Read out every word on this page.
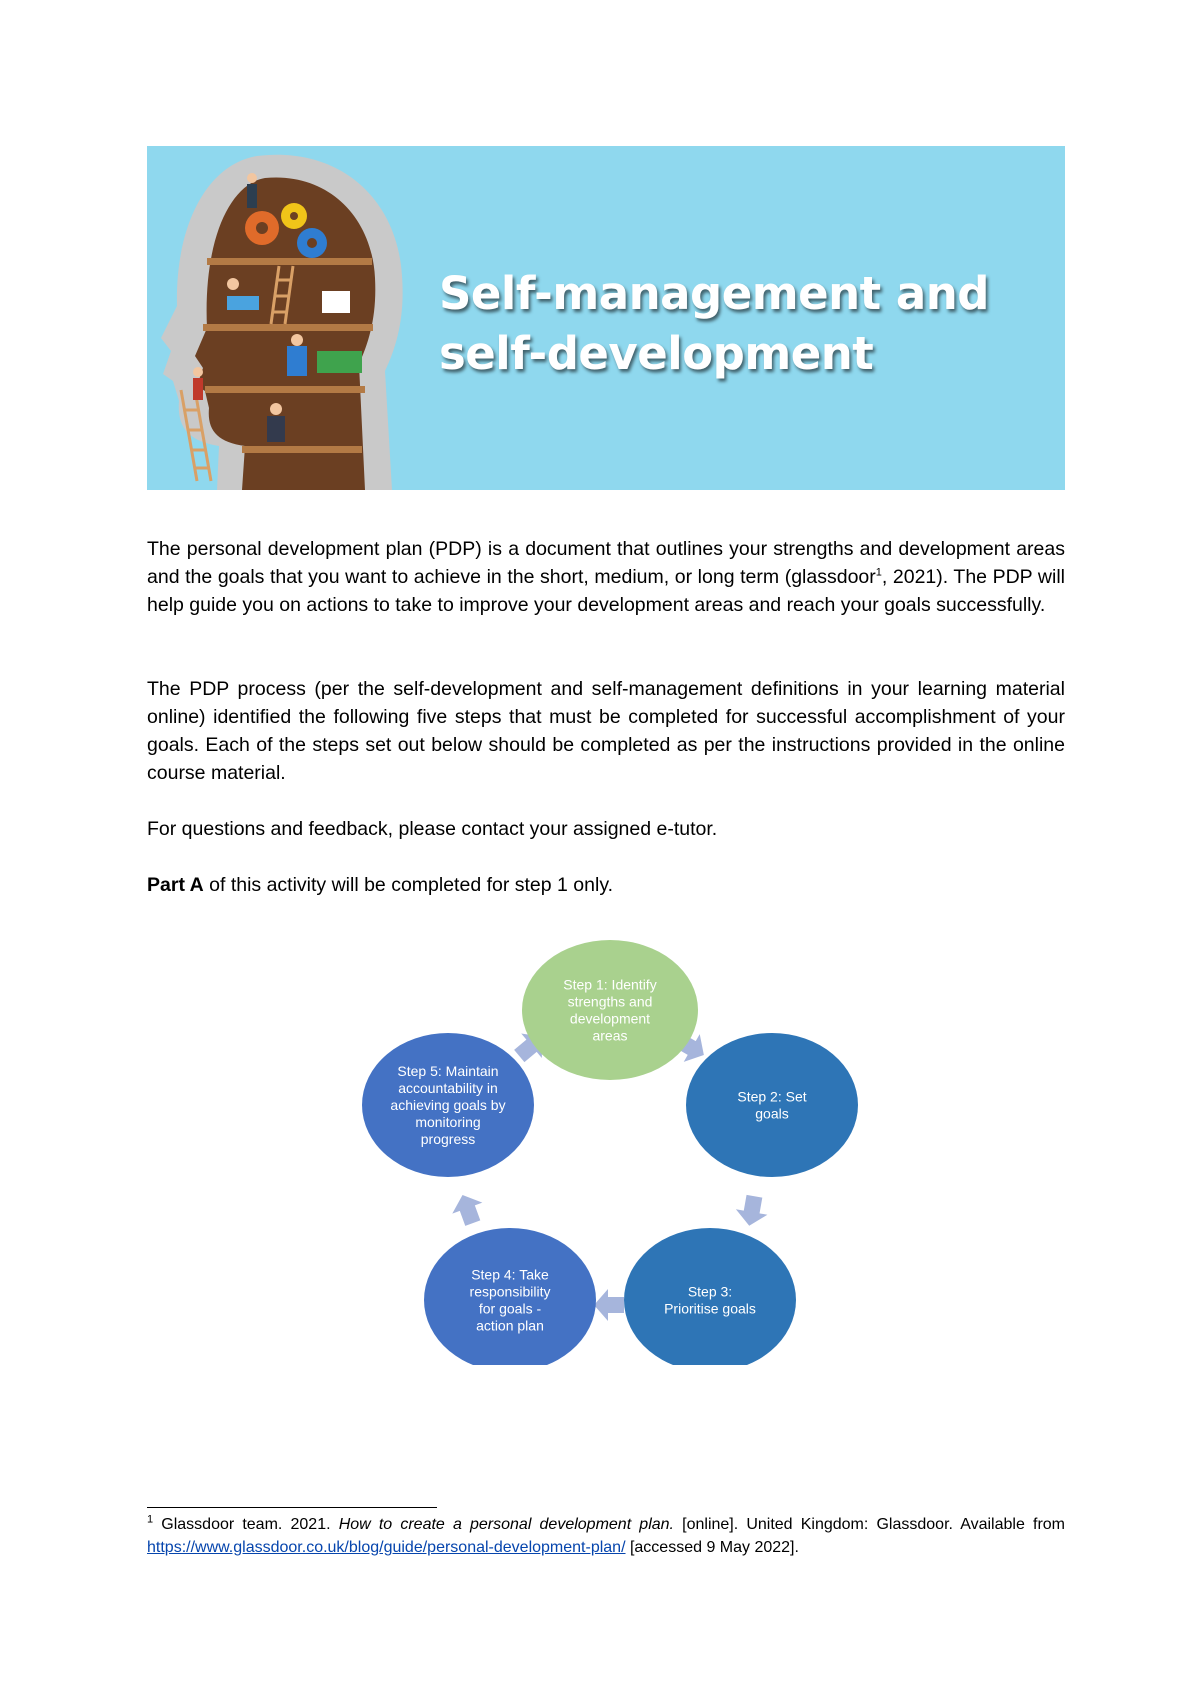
Self-management and
self-development

The personal development plan (PDP) is a document that outlines your strengths and development areas and the goals that you want to achieve in the short, medium, or long term (glassdoor$^1$, 2021). The PDP will help guide you on actions to take to improve your development areas and reach your goals successfully.

The PDP process (per the self-development and self-management definitions in your learning material online) identified the following five steps that must be completed for successful accomplishment of your goals. Each of the steps set out below should be completed as per the instructions provided in the online course material.

For questions and feedback, please contact your assigned e-tutor.

Part A of this activity will be completed for step 1 only.

Step 1: Identify
strengths and
development
areas
Step 2: Set
goals
Step 3:
Prioritise goals
Step 4: Take
responsibility
for goals -
action plan
Step 5: Maintain
accountability in
achieving goals by
monitoring
progress

$^1$ Glassdoor team. 2021. How to create a personal development plan. [online]. United Kingdom: Glassdoor. Available from https://www.glassdoor.co.uk/blog/guide/personal-development-plan/ [accessed 9 May 2022].
